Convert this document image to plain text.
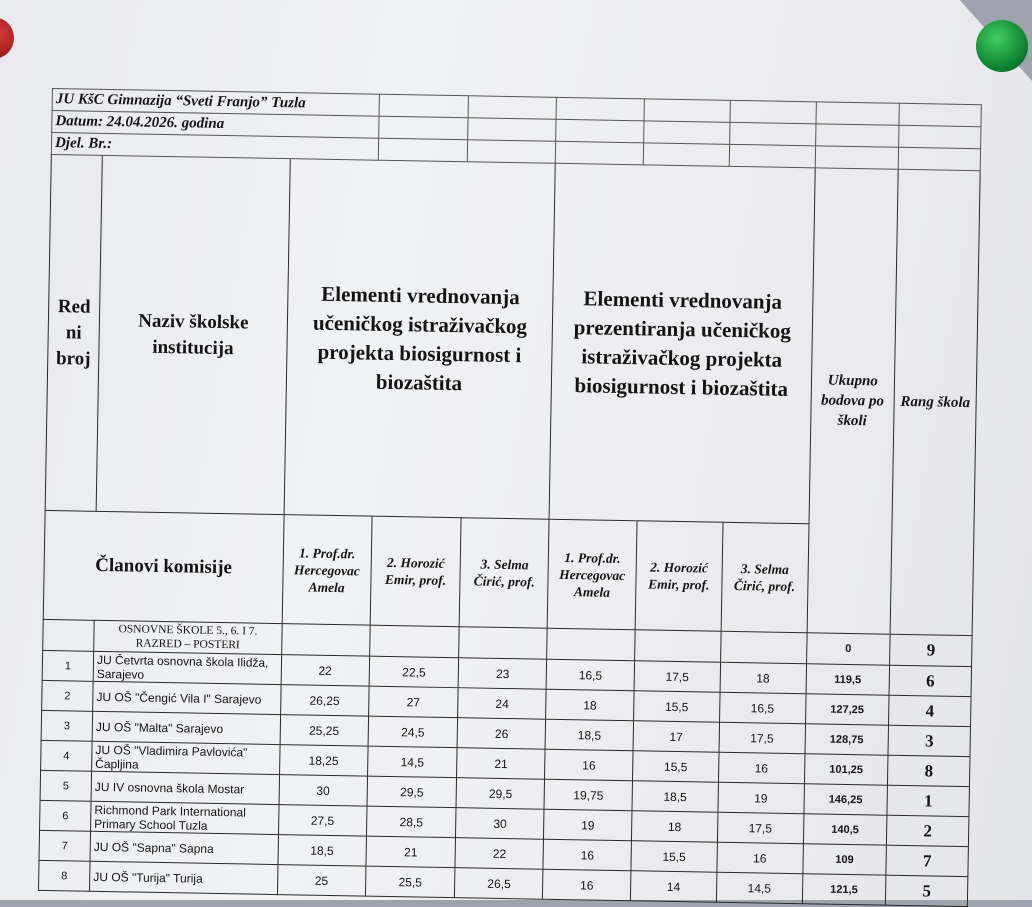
JU KšC Gimnazija “Sveti Franjo” Tuzla									
Datum: 24.04.2026. godina									
Djel. Br.:									
Red ni broj	Naziv školske institucija	Elementi vrednovanja učeničkog istraživačkog projekta biosigurnost i biozaštita			Elementi vrednovanja prezentiranja učeničkog istraživačkog projekta biosigurnost i biozaštita			Ukupno bodova po školi	Rang škola

Članovi komisije		1. Prof.dr. Hercegovac Amela	2. Horozić Emir, prof.	3. Selma Čirić, prof.	1. Prof.dr. Hercegovac Amela	2. Horozić Emir, prof.	3. Selma Čirić, prof.		
	OSNOVNE ŠKOLE 5., 6. I 7. RAZRED – POSTERI							0	9
1	JU Četvrta osnovna škola Ilidža, Sarajevo	22	22,5	23	16,5	17,5	18	119,5	6
2	JU OŠ "Čengić Vila I" Sarajevo	26,25	27	24	18	15,5	16,5	127,25	4
3	JU OŠ "Malta" Sarajevo	25,25	24,5	26	18,5	17	17,5	128,75	3
4	JU OŠ "Vladimira Pavlovića" Čapljina	18,25	14,5	21	16	15,5	16	101,25	8
5	JU IV osnovna škola Mostar	30	29,5	29,5	19,75	18,5	19	146,25	1
6	Richmond Park International Primary School Tuzla	27,5	28,5	30	19	18	17,5	140,5	2
7	JU OŠ "Sapna" Sapna	18,5	21	22	16	15,5	16	109	7
8	JU OŠ "Turija" Turija	25	25,5	26,5	16	14	14,5	121,5	5
